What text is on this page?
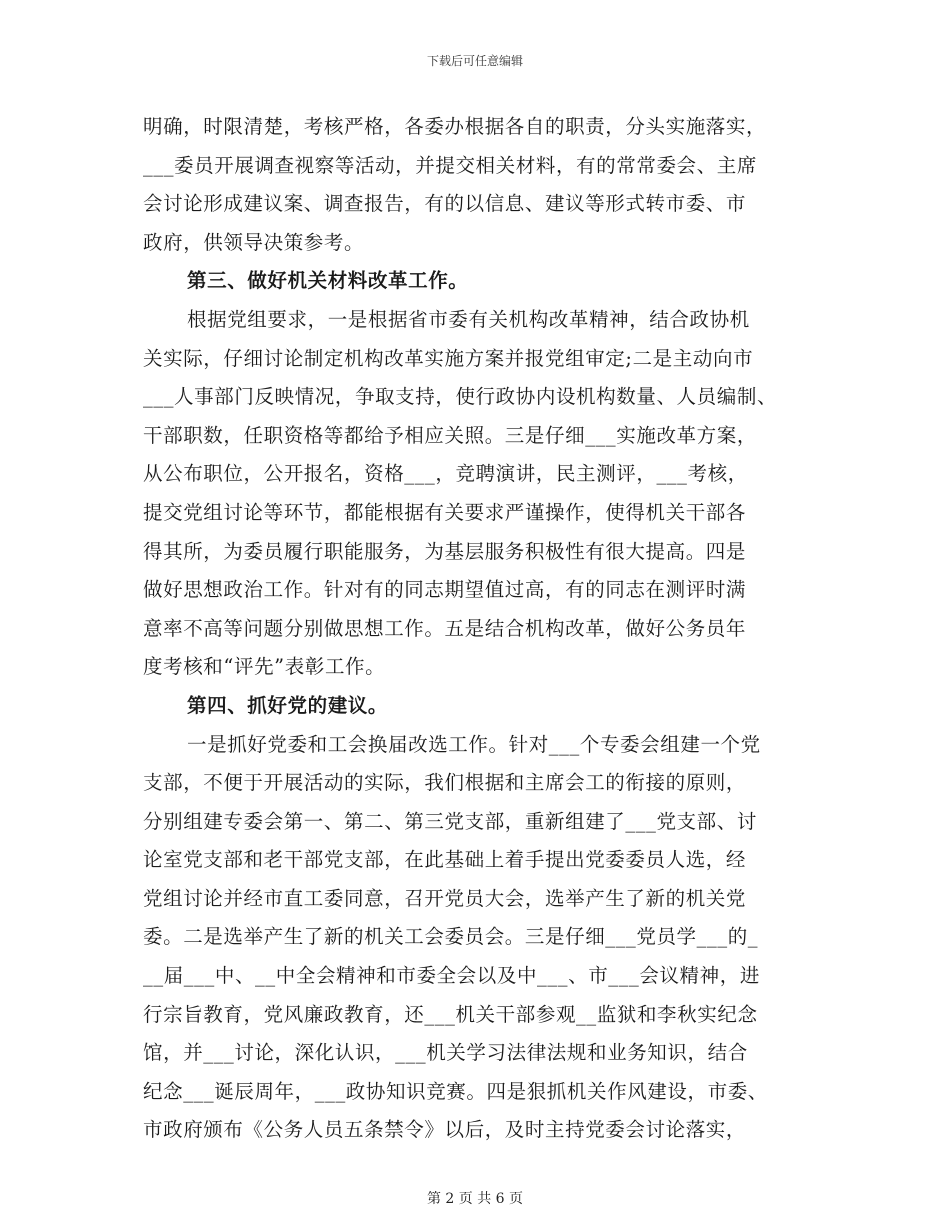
下载后可任意编辑
明确，时限清楚，考核严格，各委办根据各自的职责，分头实施落实，
___委员开展调查视察等活动，并提交相关材料，有的常常委会、主席
会讨论形成建议案、调查报告，有的以信息、建议等形式转市委、市
政府，供领导决策参考。
第三、做好机关材料改革工作。
根据党组要求，一是根据省市委有关机构改革精神，结合政协机
关实际，仔细讨论制定机构改革实施方案并报党组审定;二是主动向市
___人事部门反映情况，争取支持，使行政协内设机构数量、人员编制、
干部职数，任职资格等都给予相应关照。三是仔细___实施改革方案，
从公布职位，公开报名，资格___，竞聘演讲，民主测评，___考核，
提交党组讨论等环节，都能根据有关要求严谨操作，使得机关干部各
得其所，为委员履行职能服务，为基层服务积极性有很大提高。四是
做好思想政治工作。针对有的同志期望值过高，有的同志在测评时满
意率不高等问题分别做思想工作。五是结合机构改革，做好公务员年
度考核和“评先”表彰工作。
第四、抓好党的建议。
一是抓好党委和工会换届改选工作。针对___个专委会组建一个党
支部，不便于开展活动的实际，我们根据和主席会工的衔接的原则，
分别组建专委会第一、第二、第三党支部，重新组建了___党支部、讨
论室党支部和老干部党支部，在此基础上着手提出党委委员人选，经
党组讨论并经市直工委同意，召开党员大会，选举产生了新的机关党
委。二是选举产生了新的机关工会委员会。三是仔细___党员学___的_
__届___中、__中全会精神和市委全会以及中___、市___会议精神，进
行宗旨教育，党风廉政教育，还___机关干部参观__监狱和李秋实纪念
馆，并___讨论，深化认识，___机关学习法律法规和业务知识，结合
纪念___诞辰周年，___政协知识竞赛。四是狠抓机关作风建设，市委、
市政府颁布《公务人员五条禁令》以后，及时主持党委会讨论落实，
第 2 页 共 6 页
